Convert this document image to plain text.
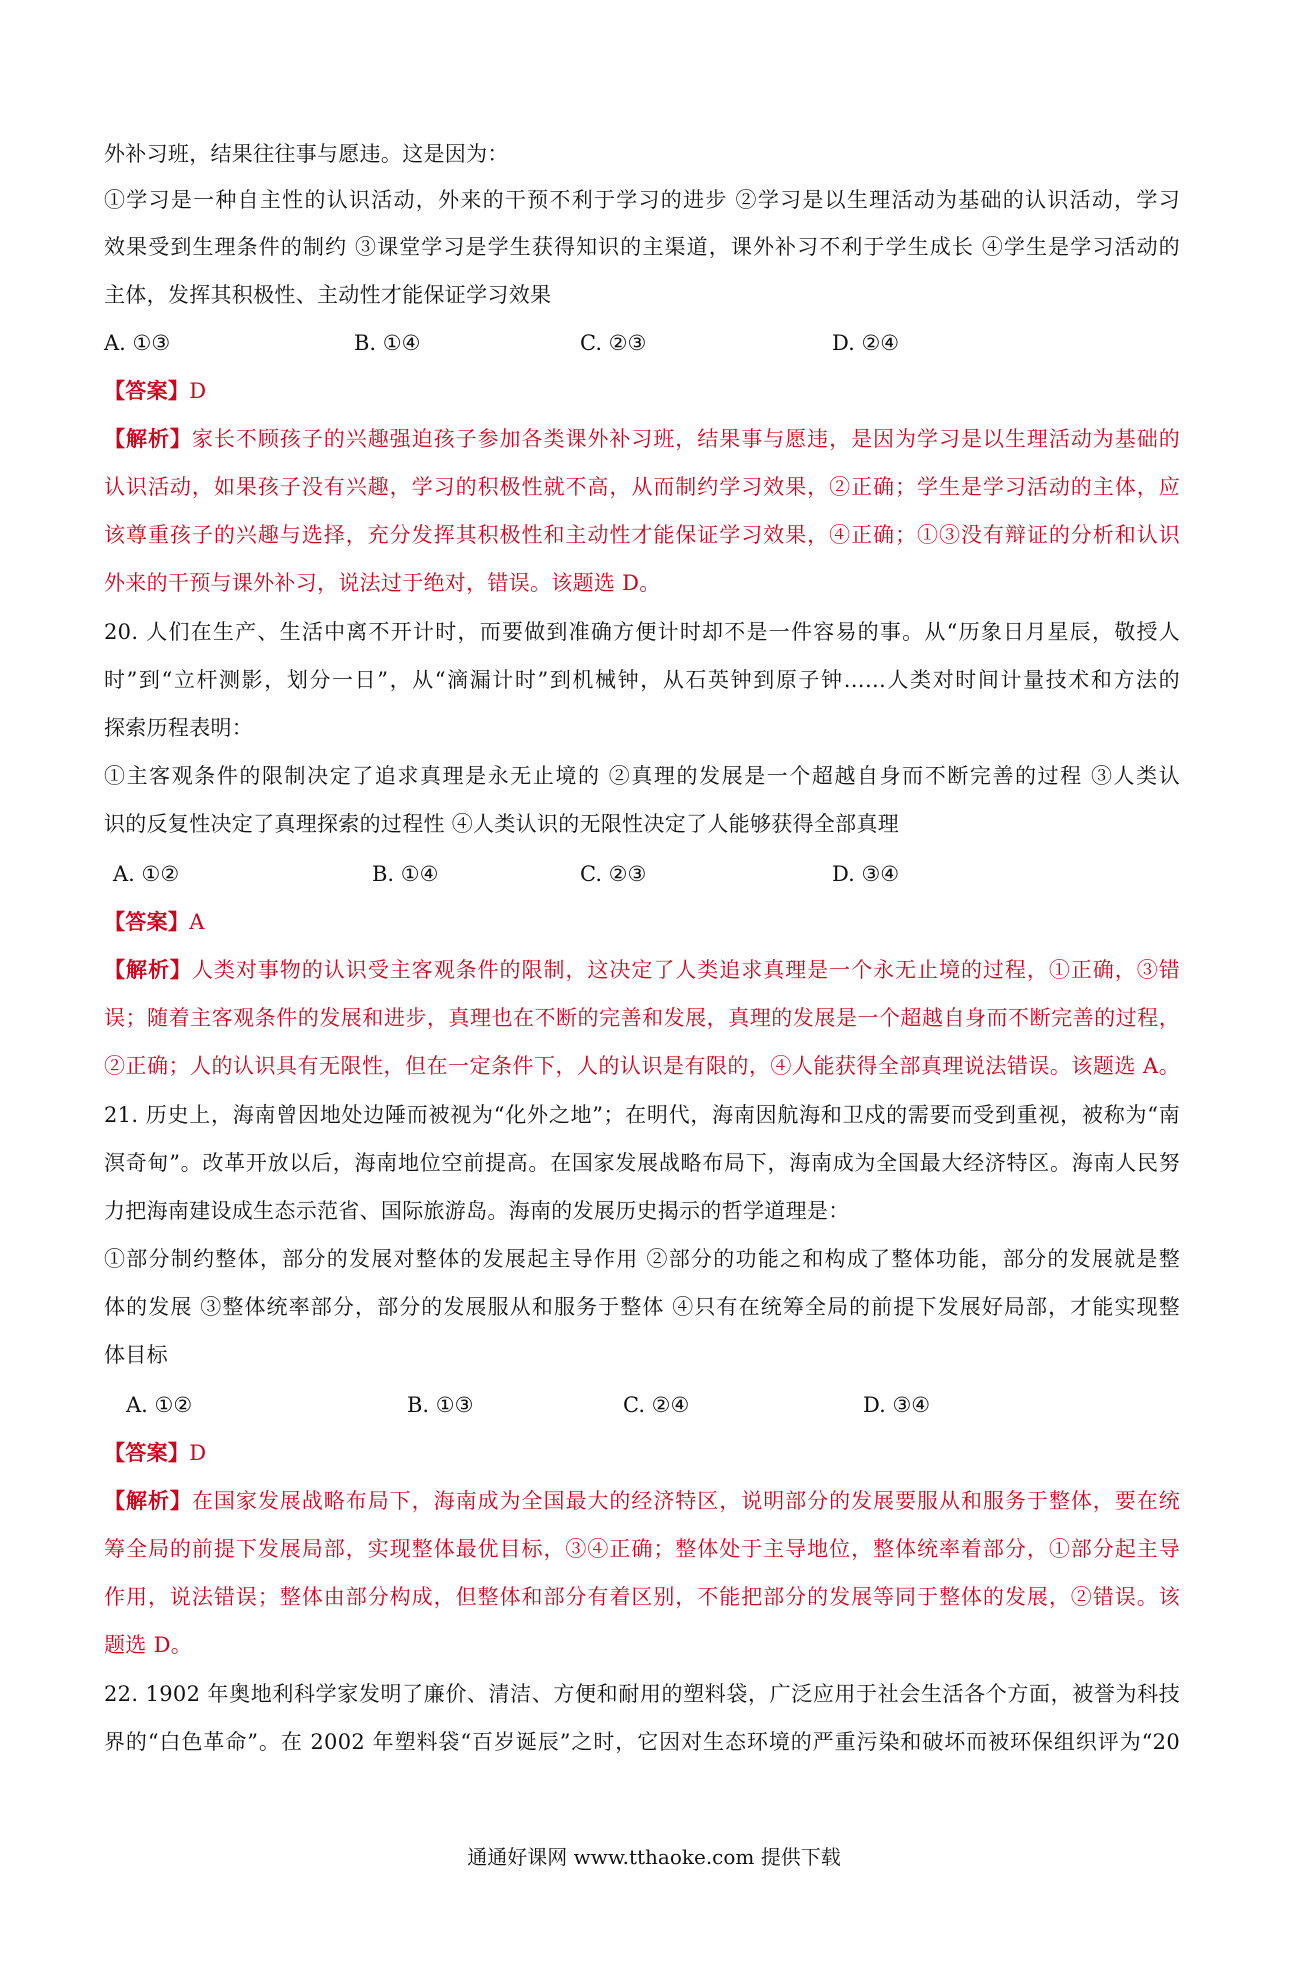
外补习班，结果往往事与愿违。这是因为：
①学习是一种自主性的认识活动，外来的干预不利于学习的进步 ②学习是以生理活动为基础的认识活动，学习
效果受到生理条件的制约 ③课堂学习是学生获得知识的主渠道，课外补习不利于学生成长 ④学生是学习活动的
主体，发挥其积极性、主动性才能保证学习效果
A. ①③	B. ①④	C. ②③	D. ②④
【答案】D
【解析】家长不顾孩子的兴趣强迫孩子参加各类课外补习班，结果事与愿违，是因为学习是以生理活动为基础的
认识活动，如果孩子没有兴趣，学习的积极性就不高，从而制约学习效果，②正确；学生是学习活动的主体，应
该尊重孩子的兴趣与选择，充分发挥其积极性和主动性才能保证学习效果，④正确；①③没有辩证的分析和认识
外来的干预与课外补习，说法过于绝对，错误。该题选 D。
20. 人们在生产、生活中离不开计时，而要做到准确方便计时却不是一件容易的事。从“历象日月星辰，敬授人
时”到“立杆测影，划分一日”，从“滴漏计时”到机械钟，从石英钟到原子钟……人类对时间计量技术和方法的
探索历程表明：
①主客观条件的限制决定了追求真理是永无止境的 ②真理的发展是一个超越自身而不断完善的过程 ③人类认
识的反复性决定了真理探索的过程性 ④人类认识的无限性决定了人能够获得全部真理
A. ①②	B. ①④	C. ②③	D. ③④
【答案】A
【解析】人类对事物的认识受主客观条件的限制，这决定了人类追求真理是一个永无止境的过程，①正确，③错
误；随着主客观条件的发展和进步，真理也在不断的完善和发展，真理的发展是一个超越自身而不断完善的过程，
②正确；人的认识具有无限性，但在一定条件下，人的认识是有限的，④人能获得全部真理说法错误。该题选 A。
21. 历史上，海南曾因地处边陲而被视为“化外之地”；在明代，海南因航海和卫戍的需要而受到重视，被称为“南
溟奇甸”。改革开放以后，海南地位空前提高。在国家发展战略布局下，海南成为全国最大经济特区。海南人民努
力把海南建设成生态示范省、国际旅游岛。海南的发展历史揭示的哲学道理是：
①部分制约整体，部分的发展对整体的发展起主导作用 ②部分的功能之和构成了整体功能，部分的发展就是整
体的发展 ③整体统率部分，部分的发展服从和服务于整体 ④只有在统筹全局的前提下发展好局部，才能实现整
体目标
A. ①②	B. ①③	C. ②④	D. ③④
【答案】D
【解析】在国家发展战略布局下，海南成为全国最大的经济特区，说明部分的发展要服从和服务于整体，要在统
筹全局的前提下发展局部，实现整体最优目标，③④正确；整体处于主导地位，整体统率着部分，①部分起主导
作用，说法错误；整体由部分构成，但整体和部分有着区别，不能把部分的发展等同于整体的发展，②错误。该
题选 D。
22. 1902 年奥地利科学家发明了廉价、清洁、方便和耐用的塑料袋，广泛应用于社会生活各个方面，被誉为科技
界的“白色革命”。在 2002 年塑料袋“百岁诞辰”之时，它因对生态环境的严重污染和破坏而被环保组织评为“20
通通好课网 www.tthaoke.com 提供下载
